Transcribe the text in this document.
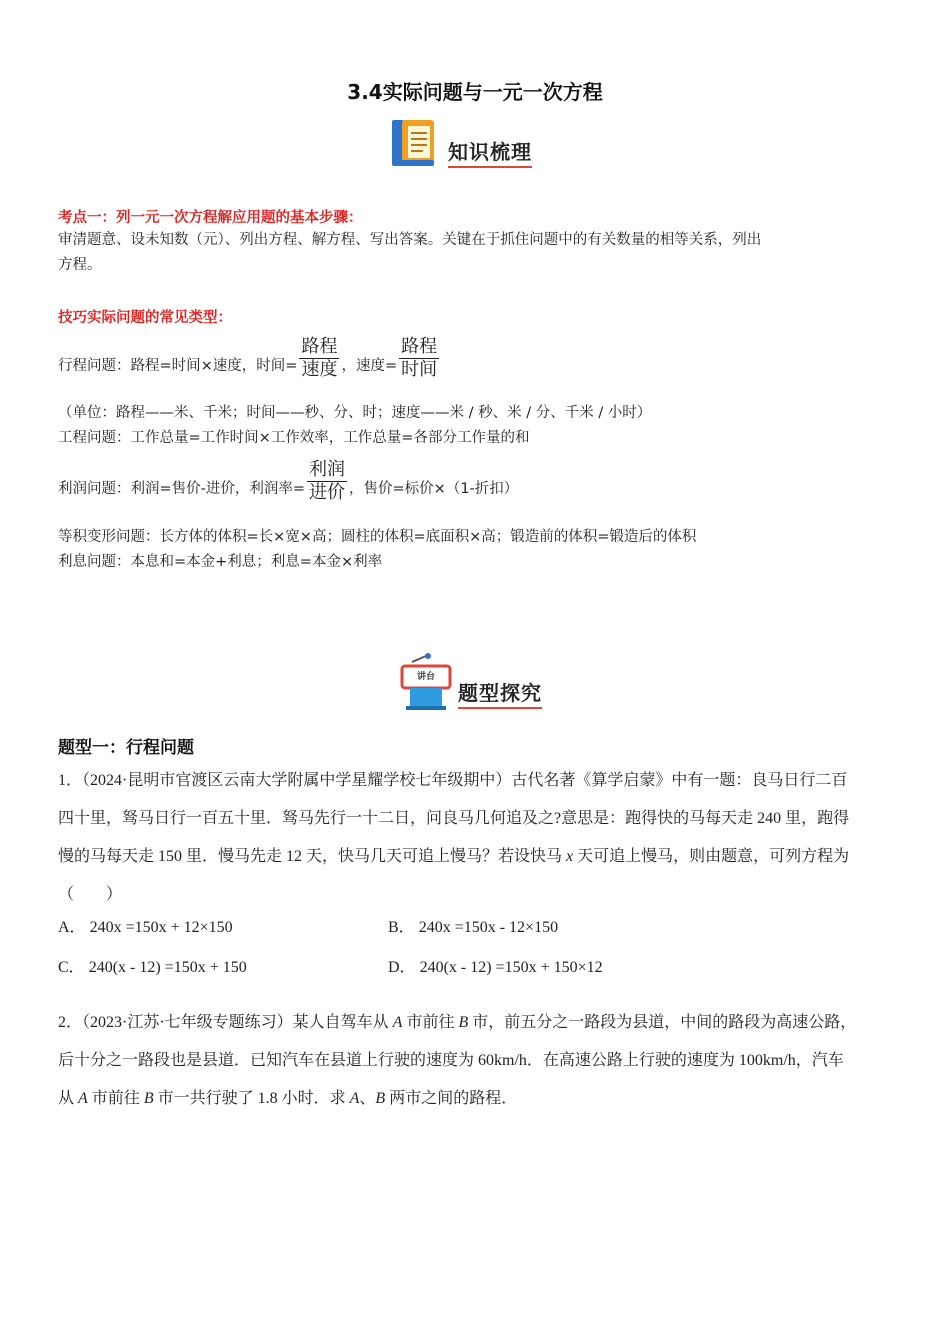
3.4实际问题与一元一次方程
知识梳理
考点一：列一元一次方程解应用题的基本步骤：
审清题意、设未知数（元）、列出方程、解方程、写出答案。关键在于抓住问题中的有关数量的相等关系，列出
方程。
技巧实际问题的常见类型：
行程问题：路程=时间×速度，时间= $\frac{\text{路程}}{\text{速度}}$ ，速度= $\frac{\text{路程}}{\text{时间}}$
（单位：路程——米、千米；时间——秒、分、时；速度——米 / 秒、米 / 分、千米 / 小时）
工程问题：工作总量=工作时间×工作效率，工作总量=各部分工作量的和
利润问题：利润=售价-进价，利润率= $\frac{\text{利润}}{\text{进价}}$ ，售价=标价×（1-折扣）
等积变形问题：长方体的体积=长×宽×高；圆柱的体积=底面积×高；锻造前的体积=锻造后的体积
利息问题：本息和=本金+利息；利息=本金×利率
讲台
题型探究
题型一：行程问题
1．（2024·昆明市官渡区云南大学附属中学星耀学校七年级期中）古代名著《算学启蒙》中有一题：良马日行二百
四十里，驽马日行一百五十里．驽马先行一十二日，问良马几何追及之?意思是：跑得快的马每天走 240 里，跑得
慢的马每天走 150 里．慢马先走 12 天，快马几天可追上慢马？若设快马 x 天可追上慢马，则由题意，可列方程为
（　　）
A． 240x =150x + 12×150	B． 240x =150x - 12×150
C． 240(x - 12) =150x + 150	D． 240(x - 12) =150x + 150×12
2．（2023·江苏·七年级专题练习）某人自驾车从 A 市前往 B 市，前五分之一路段为县道，中间的路段为高速公路，
后十分之一路段也是县道．已知汽车在县道上行驶的速度为 60km/h．在高速公路上行驶的速度为 100km/h，汽车
从 A 市前往 B 市一共行驶了 1.8 小时．求 A、B 两市之间的路程．
